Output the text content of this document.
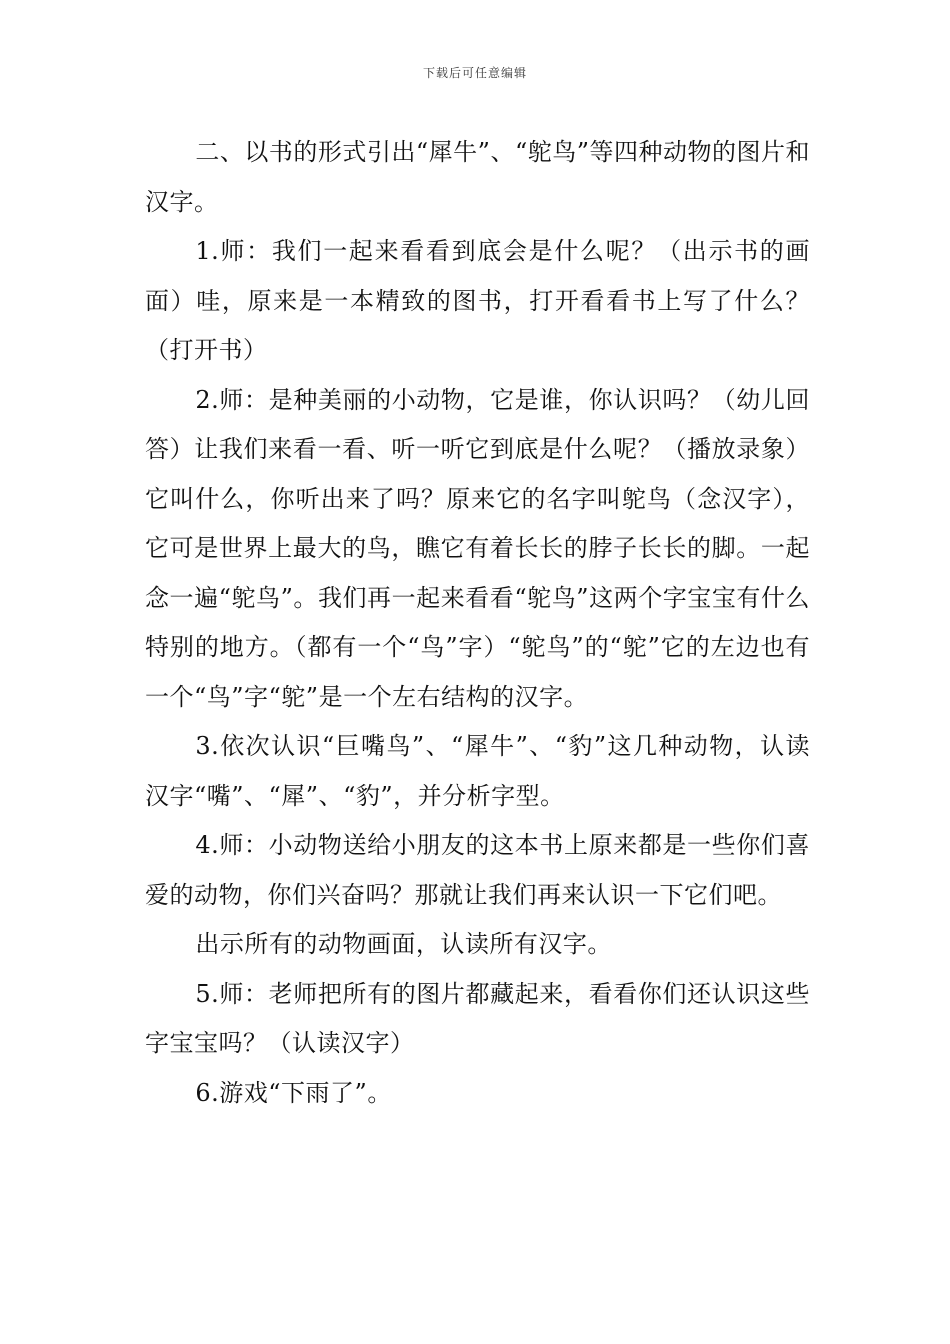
下载后可任意编辑

二、以书的形式引出“犀牛”、“鸵鸟”等四种动物的图片和汉字。

1.师：我们一起来看看到底会是什么呢？（出示书的画面）哇，原来是一本精致的图书，打开看看书上写了什么？（打开书）

2.师：是种美丽的小动物，它是谁，你认识吗？（幼儿回答）让我们来看一看、听一听它到底是什么呢？（播放录象）它叫什么，你听出来了吗？原来它的名字叫鸵鸟（念汉字），它可是世界上最大的鸟，瞧它有着长长的脖子长长的脚。一起念一遍“鸵鸟”。我们再一起来看看“鸵鸟”这两个字宝宝有什么特别的地方。（都有一个“鸟”字）“鸵鸟”的“鸵”它的左边也有一个“鸟”字“鸵”是一个左右结构的汉字。

3.依次认识“巨嘴鸟”、“犀牛”、“豹”这几种动物，认读汉字“嘴”、“犀”、“豹”，并分析字型。

4.师：小动物送给小朋友的这本书上原来都是一些你们喜爱的动物，你们兴奋吗？那就让我们再来认识一下它们吧。

出示所有的动物画面，认读所有汉字。

5.师：老师把所有的图片都藏起来，看看你们还认识这些字宝宝吗？（认读汉字）

6.游戏“下雨了”。
